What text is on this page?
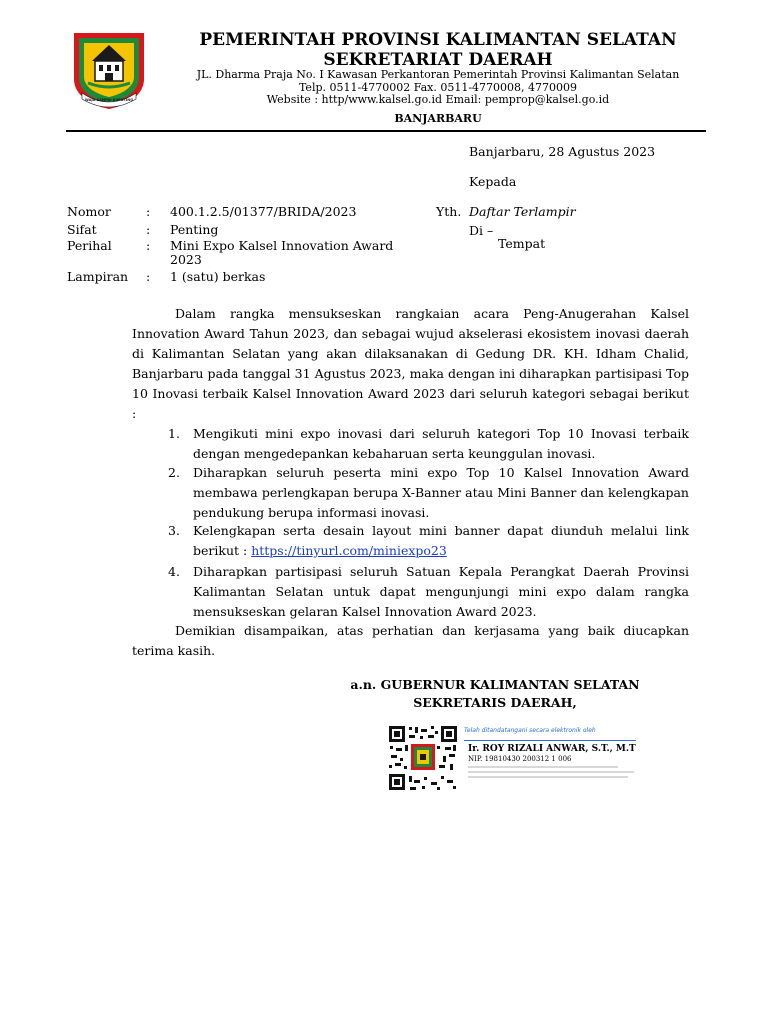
WAJA SAMPAI KAPUTING
PEMERINTAH PROVINSI KALIMANTAN SELATAN
SEKRETARIAT DAERAH
JL. Dharma Praja No. I Kawasan Perkantoran Pemerintah Provinsi Kalimantan Selatan
Telp. 0511-4770002 Fax. 0511-4770008, 4770009
Website : http/www.kalsel.go.id Email: pemprop@kalsel.go.id
BANJARBARU
Banjarbaru, 28 Agustus 2023
Kepada
Yth. Daftar Terlampir
Di –
Tempat
Nomor	: 400.1.2.5/01377/BRIDA/2023
Sifat	: Penting
Perihal	: Mini Expo Kalsel Innovation Award
2023
Lampiran : 1 (satu) berkas
Dalam rangka mensukseskan rangkaian acara Peng-Anugerahan Kalsel Innovation Award Tahun 2023, dan sebagai wujud akselerasi ekosistem inovasi daerah di Kalimantan Selatan yang akan dilaksanakan di Gedung DR. KH. Idham Chalid, Banjarbaru pada tanggal 31 Agustus 2023, maka dengan ini diharapkan partisipasi Top 10 Inovasi terbaik Kalsel Innovation Award 2023 dari seluruh kategori sebagai berikut :
1. Mengikuti mini expo inovasi dari seluruh kategori Top 10 Inovasi terbaik dengan mengedepankan kebaharuan serta keunggulan inovasi.
2. Diharapkan seluruh peserta mini expo Top 10 Kalsel Innovation Award membawa perlengkapan berupa X-Banner atau Mini Banner dan kelengkapan pendukung berupa informasi inovasi.
3. Kelengkapan serta desain layout mini banner dapat diunduh melalui link berikut : https://tinyurl.com/miniexpo23
4. Diharapkan partisipasi seluruh Satuan Kepala Perangkat Daerah Provinsi Kalimantan Selatan untuk dapat mengunjungi mini expo dalam rangka mensukseskan gelaran Kalsel Innovation Award 2023.
Demikian disampaikan, atas perhatian dan kerjasama yang baik diucapkan terima kasih.
a.n. GUBERNUR KALIMANTAN SELATAN
SEKRETARIS DAERAH,
Telah ditandatangani secara elektronik oleh
Ir. ROY RIZALI ANWAR, S.T., M.T
NIP. 19810430 200312 1 006
